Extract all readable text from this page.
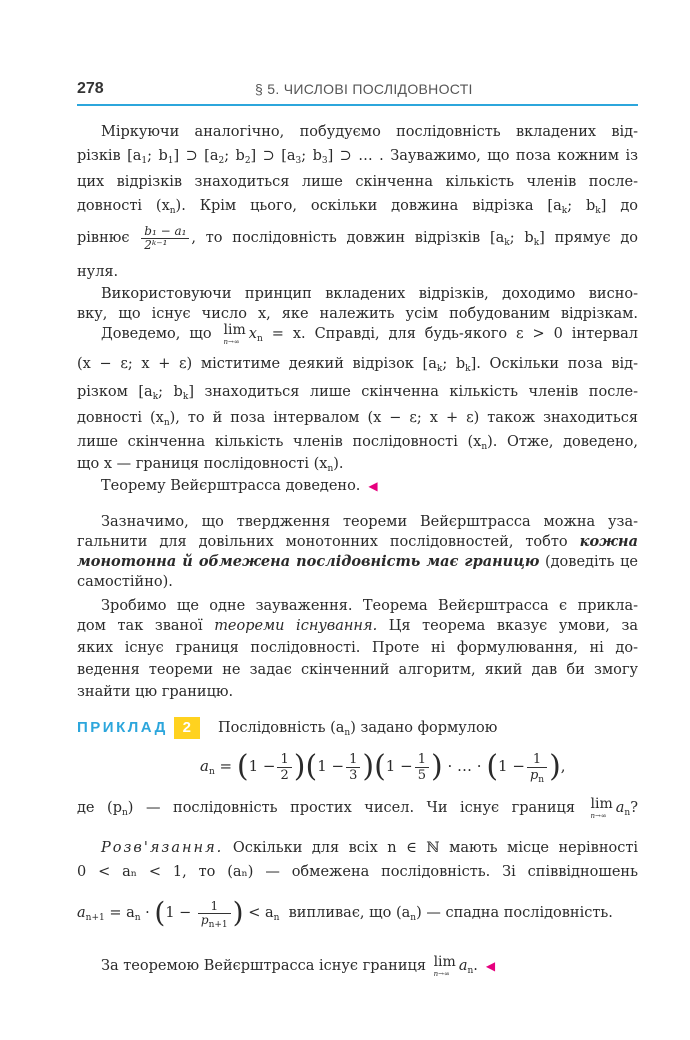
278	§ 5. ЧИСЛОВІ ПОСЛІДОВНОСТІ
Міркуючи аналогічно, побудуємо послідовність вкладених від-
різків [$a_1$; $b_1$] ⊃ [$a_2$; $b_2$] ⊃ [$a_3$; $b_3$] ⊃ … . Зауважимо, що поза кожним із
цих відрізків знаходиться лише скінченна кількість членів после-
довності $(x_n)$. Крім цього, оскільки довжина відрізка [$a_k$; $b_k$] до
рівнює $\frac{\text{b₁ − a₁}}{\text{2ᵏ⁻¹}}$ , то послідовність довжин відрізків [$a_k$; $b_k$] прямує до
нуля.
Використовуючи принцип вкладених відрізків, доходимо висно-
вку, що існує число x, яке належить усім побудованим відрізкам.
Доведемо, що lim
n→∞ $x_n = x$. Справді, для будь-якого ε > 0 інтервал
(x − ε; x + ε) міститиме деякий відрізок [$a_k$; $b_k$]. Оскільки поза від-
різком [$a_k$; $b_k$] знаходиться лише скінченна кількість членів после-
довності $(x_n)$, то й поза інтервалом (x − ε; x + ε) також знаходиться
лише скінченна кількість членів послідовності $(x_n)$. Отже, доведено,
що x — границя послідовності $(x_n)$.
Теорему Вейєрштрасса доведено. ◀
Зазначимо, що твердження теореми Вейєрштрасса можна уза-
гальнити для довільних монотонних послідовностей, тобто кожна
монотонна й обмежена послідовність має границю (доведіть це
самостійно).
Зробимо ще одне зауваження. Теорема Вейєрштрасса є прикла-
дом так званої теореми існування. Ця теорема вказує умови, за
яких існує границя послідовності. Проте ні формулювання, ні до-
ведення теореми не задає скінченний алгоритм, який дав би змогу
знайти цю границю.
ПРИКЛАД 2	Послідовність $(a_n)$ задано формулою
$a_n = (1 - \frac{1}{2} )(1 - \frac{1}{3} )(1 - \frac{1}{5}$ ) · … · ($1 - \frac{1}{p_n}$ ),
де $(p_n)$ — послідовність простих чисел. Чи існує границя lim
n→∞ $a_n$?
Розв'язання. Оскільки для всіх n ∈ ℕ мають місце нерівності
0 < aₙ < 1, то (aₙ) — обмежена послідовність. Зі співвідношень
$a_{n+1} = a_n \cdot (1 - \frac{1}{p_{n+1}}$ ) < $a_n$ випливає, що $(a_n)$ — спадна послідовність.
За теоремою Вейєрштрасса існує границя lim
n→∞ $a_n$. ◀
